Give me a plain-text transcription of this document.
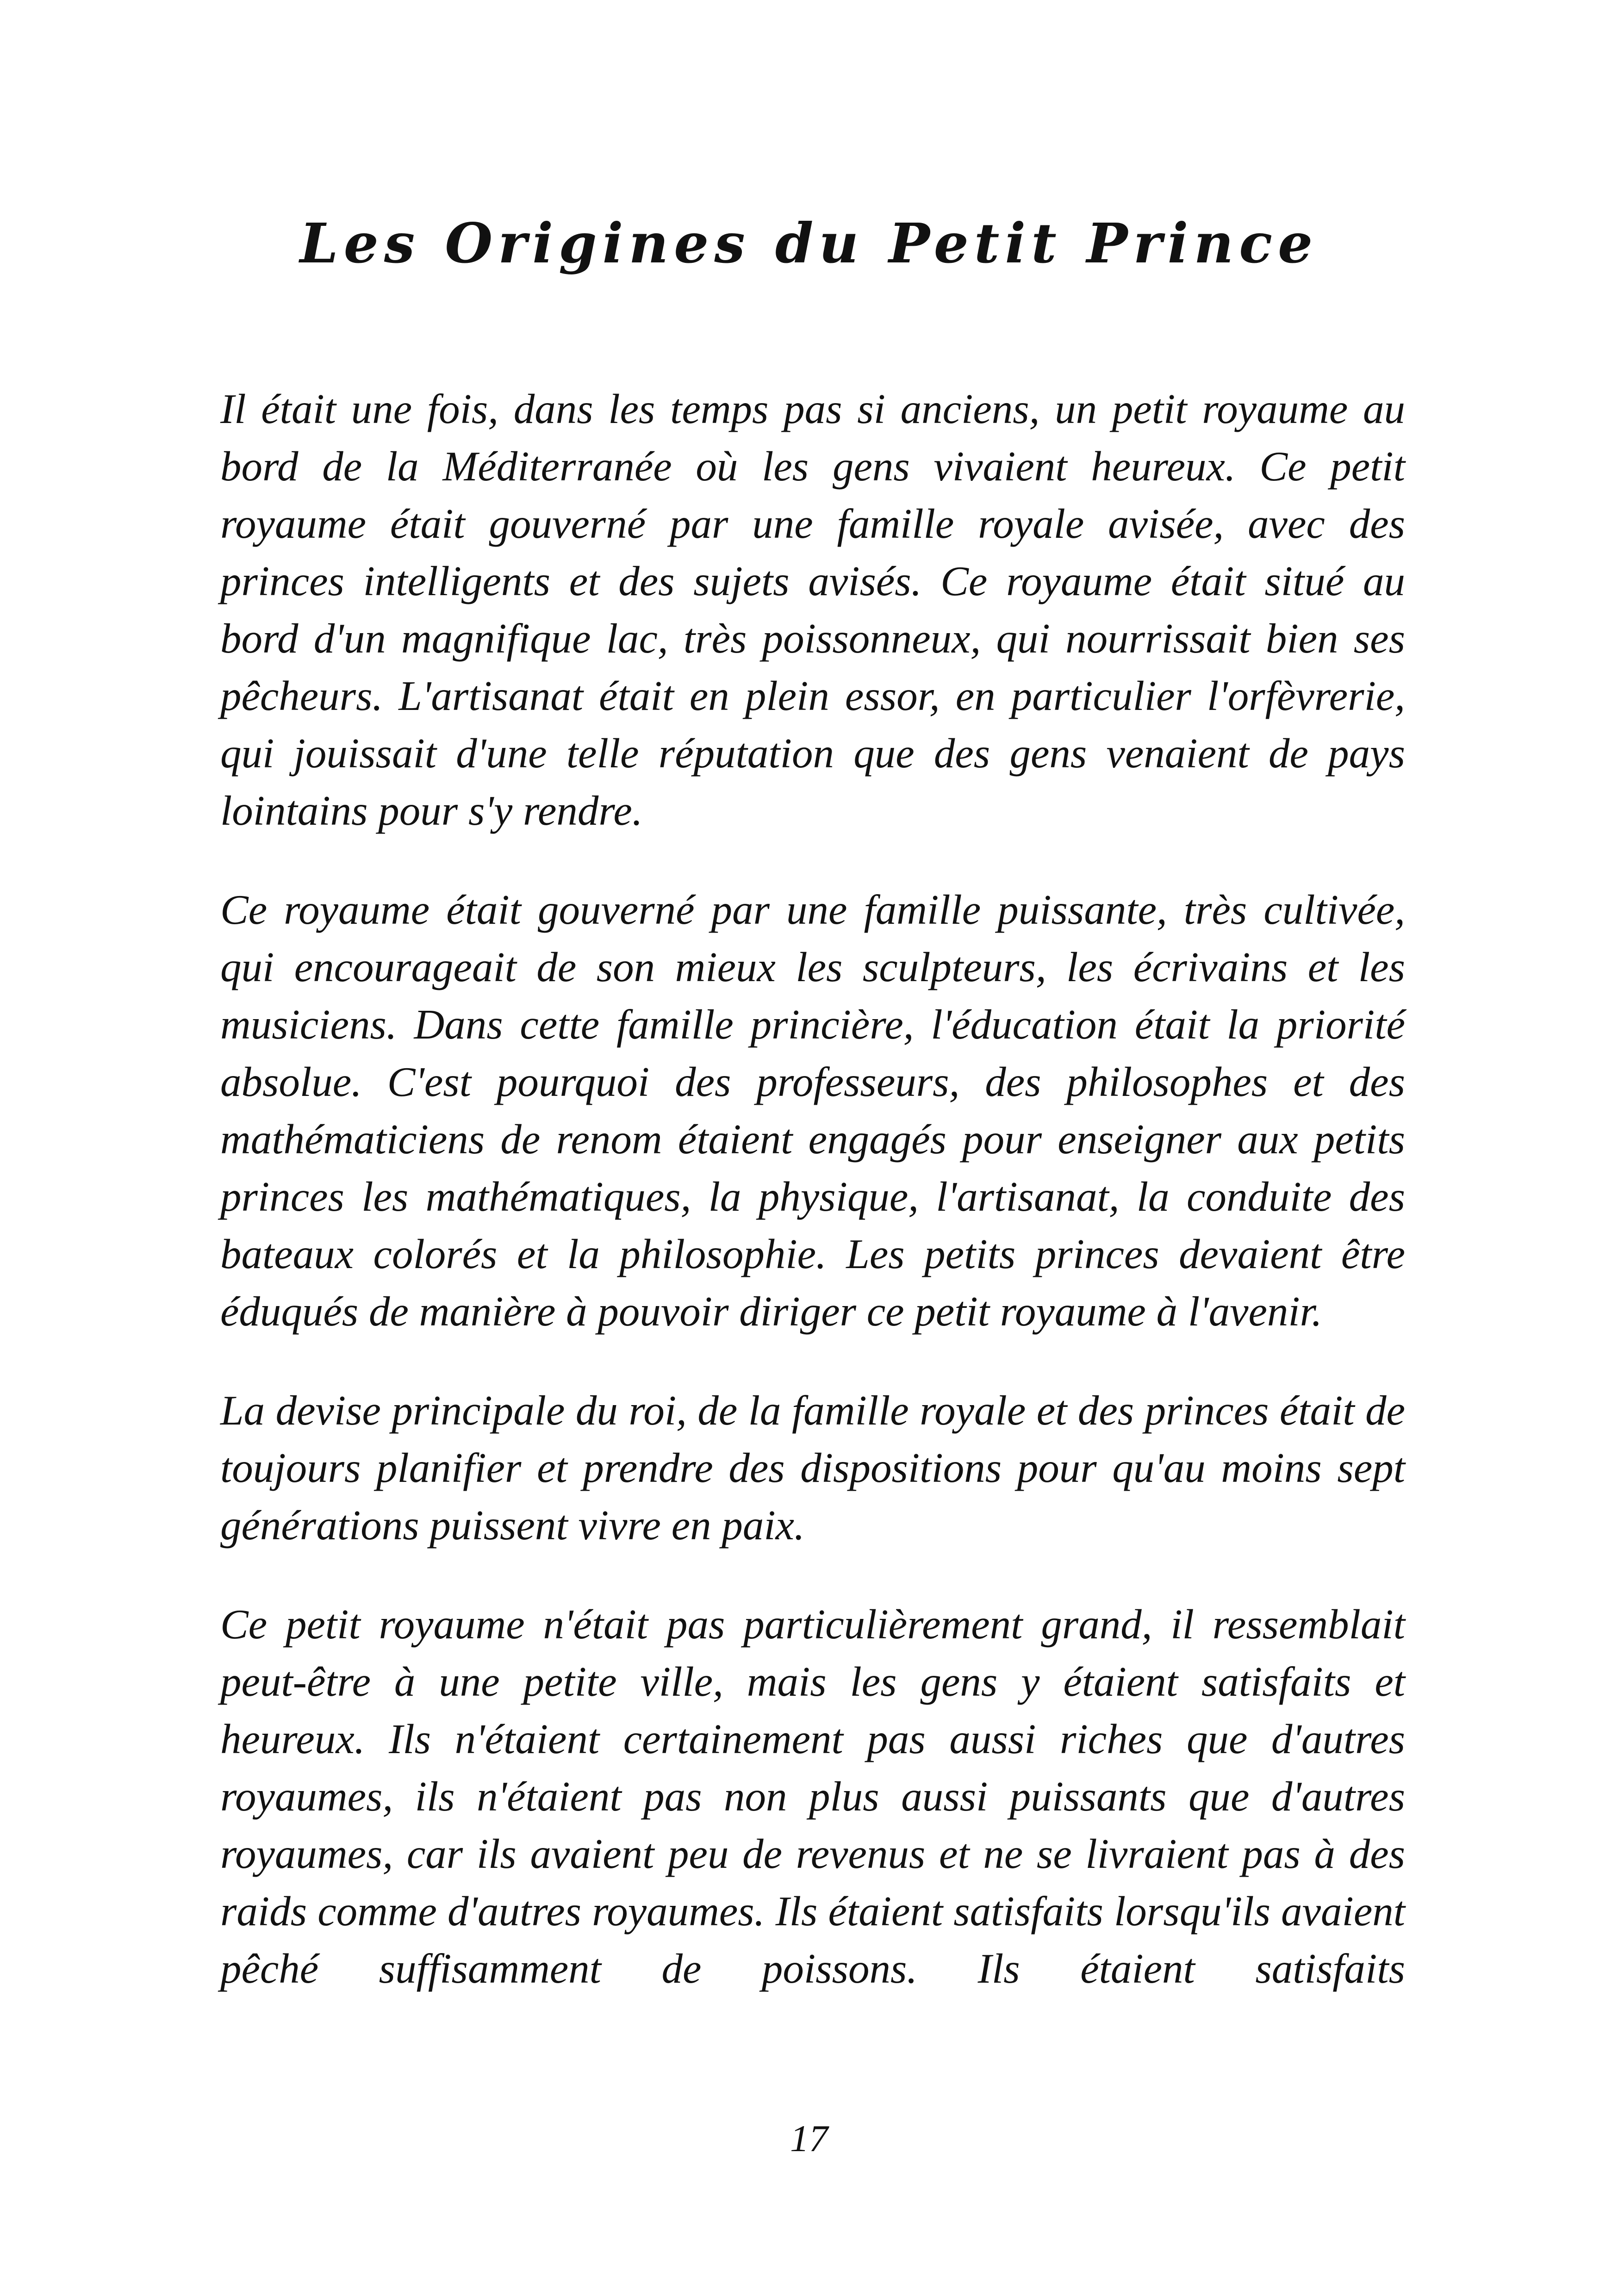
Les Origines du Petit Prince

Il était une fois, dans les temps pas si anciens, un petit royaume au bord de la Méditerranée où les gens vivaient heureux. Ce petit royaume était gouverné par une famille royale avisée, avec des princes intelligents et des sujets avisés. Ce royaume était situé au bord d'un magnifique lac, très poissonneux, qui nourrissait bien ses pêcheurs. L'artisanat était en plein essor, en particulier l'orfèvrerie, qui jouissait d'une telle réputation que des gens venaient de pays lointains pour s'y rendre.

Ce royaume était gouverné par une famille puissante, très cultivée, qui encourageait de son mieux les sculpteurs, les écrivains et les musiciens. Dans cette famille princière, l'éducation était la priorité absolue. C'est pourquoi des professeurs, des philosophes et des mathématiciens de renom étaient engagés pour enseigner aux petits princes les mathématiques, la physique, l'artisanat, la conduite des bateaux colorés et la philosophie. Les petits princes devaient être éduqués de manière à pouvoir diriger ce petit royaume à l'avenir.

La devise principale du roi, de la famille royale et des princes était de toujours planifier et prendre des dispositions pour qu'au moins sept générations puissent vivre en paix.

Ce petit royaume n'était pas particulièrement grand, il ressemblait peut-être à une petite ville, mais les gens y étaient satisfaits et heureux. Ils n'étaient certainement pas aussi riches que d'autres royaumes, ils n'étaient pas non plus aussi puissants que d'autres royaumes, car ils avaient peu de revenus et ne se livraient pas à des raids comme d'autres royaumes. Ils étaient satisfaits lorsqu'ils avaient pêché suffisamment de poissons. Ils étaient satisfaits

17
